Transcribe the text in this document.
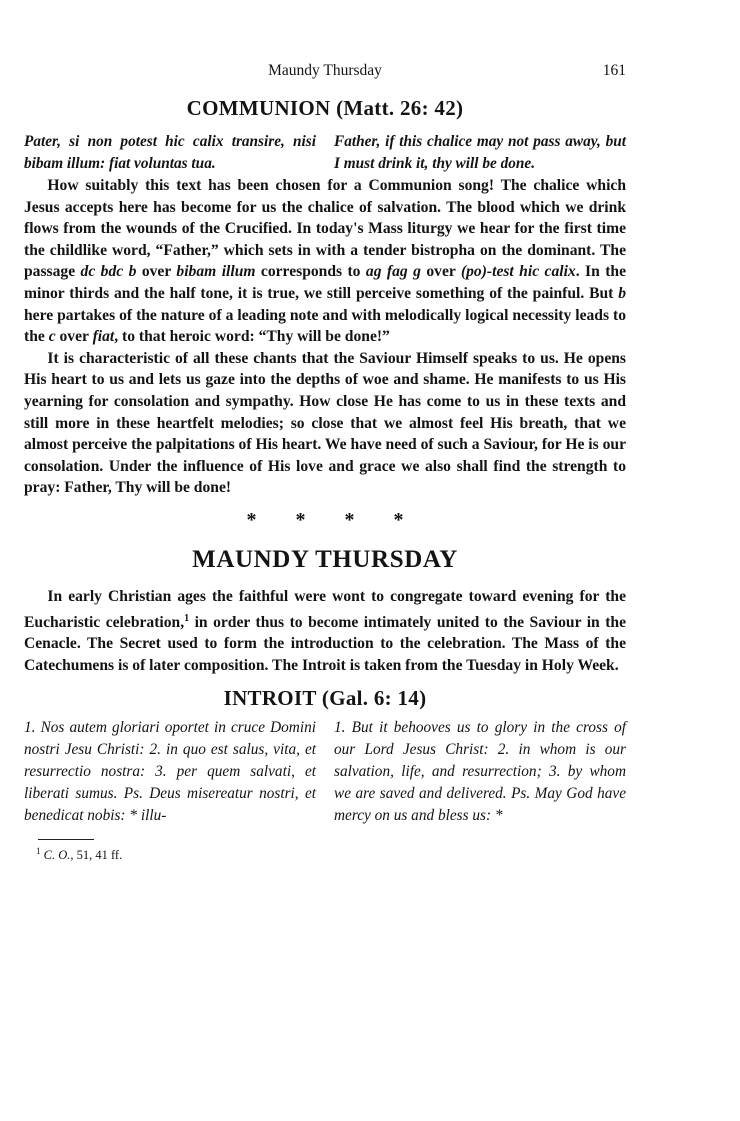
Maundy Thursday	161
COMMUNION (Matt. 26: 42)
Pater, si non potest hic calix transire, nisi bibam illum: fiat voluntas tua.
Father, if this chalice may not pass away, but I must drink it, thy will be done.

How suitably this text has been chosen for a Communion song! The chalice which Jesus accepts here has become for us the chalice of salvation. The blood which we drink flows from the wounds of the Crucified. In today's Mass liturgy we hear for the first time the childlike word, “Father,” which sets in with a tender bistropha on the dominant. The passage dc bdc b over bibam illum corresponds to ag fag g over (po)-test hic calix. In the minor thirds and the half tone, it is true, we still perceive something of the painful. But b here partakes of the nature of a leading note and with melodically logical necessity leads to the c over fiat, to that heroic word: “Thy will be done!”

It is characteristic of all these chants that the Saviour Himself speaks to us. He opens His heart to us and lets us gaze into the depths of woe and shame. He manifests to us His yearning for consolation and sympathy. How close He has come to us in these texts and still more in these heartfelt melodies; so close that we almost feel His breath, that we almost perceive the palpitations of His heart. We have need of such a Saviour, for He is our consolation. Under the influence of His love and grace we also shall find the strength to pray: Father, Thy will be done!

* * * *
MAUNDY THURSDAY

In early Christian ages the faithful were wont to congregate toward evening for the Eucharistic celebration,$^1$ in order thus to become intimately united to the Saviour in the Cenacle. The Secret used to form the introduction to the celebration. The Mass of the Catechumens is of later composition. The Introit is taken from the Tuesday in Holy Week.

INTROIT (Gal. 6: 14)
1. Nos autem gloriari oportet in cruce Domini nostri Jesu Christi: 2. in quo est salus, vita, et resurrectio nostra: 3. per quem salvati, et liberati sumus. Ps. Deus misereatur nostri, et benedicat nobis: * illu-
1. But it behooves us to glory in the cross of our Lord Jesus Christ: 2. in whom is our salvation, life, and resurrection; 3. by whom we are saved and delivered. Ps. May God have mercy on us and bless us: *
$^1$ C. O., 51, 41 ff.
